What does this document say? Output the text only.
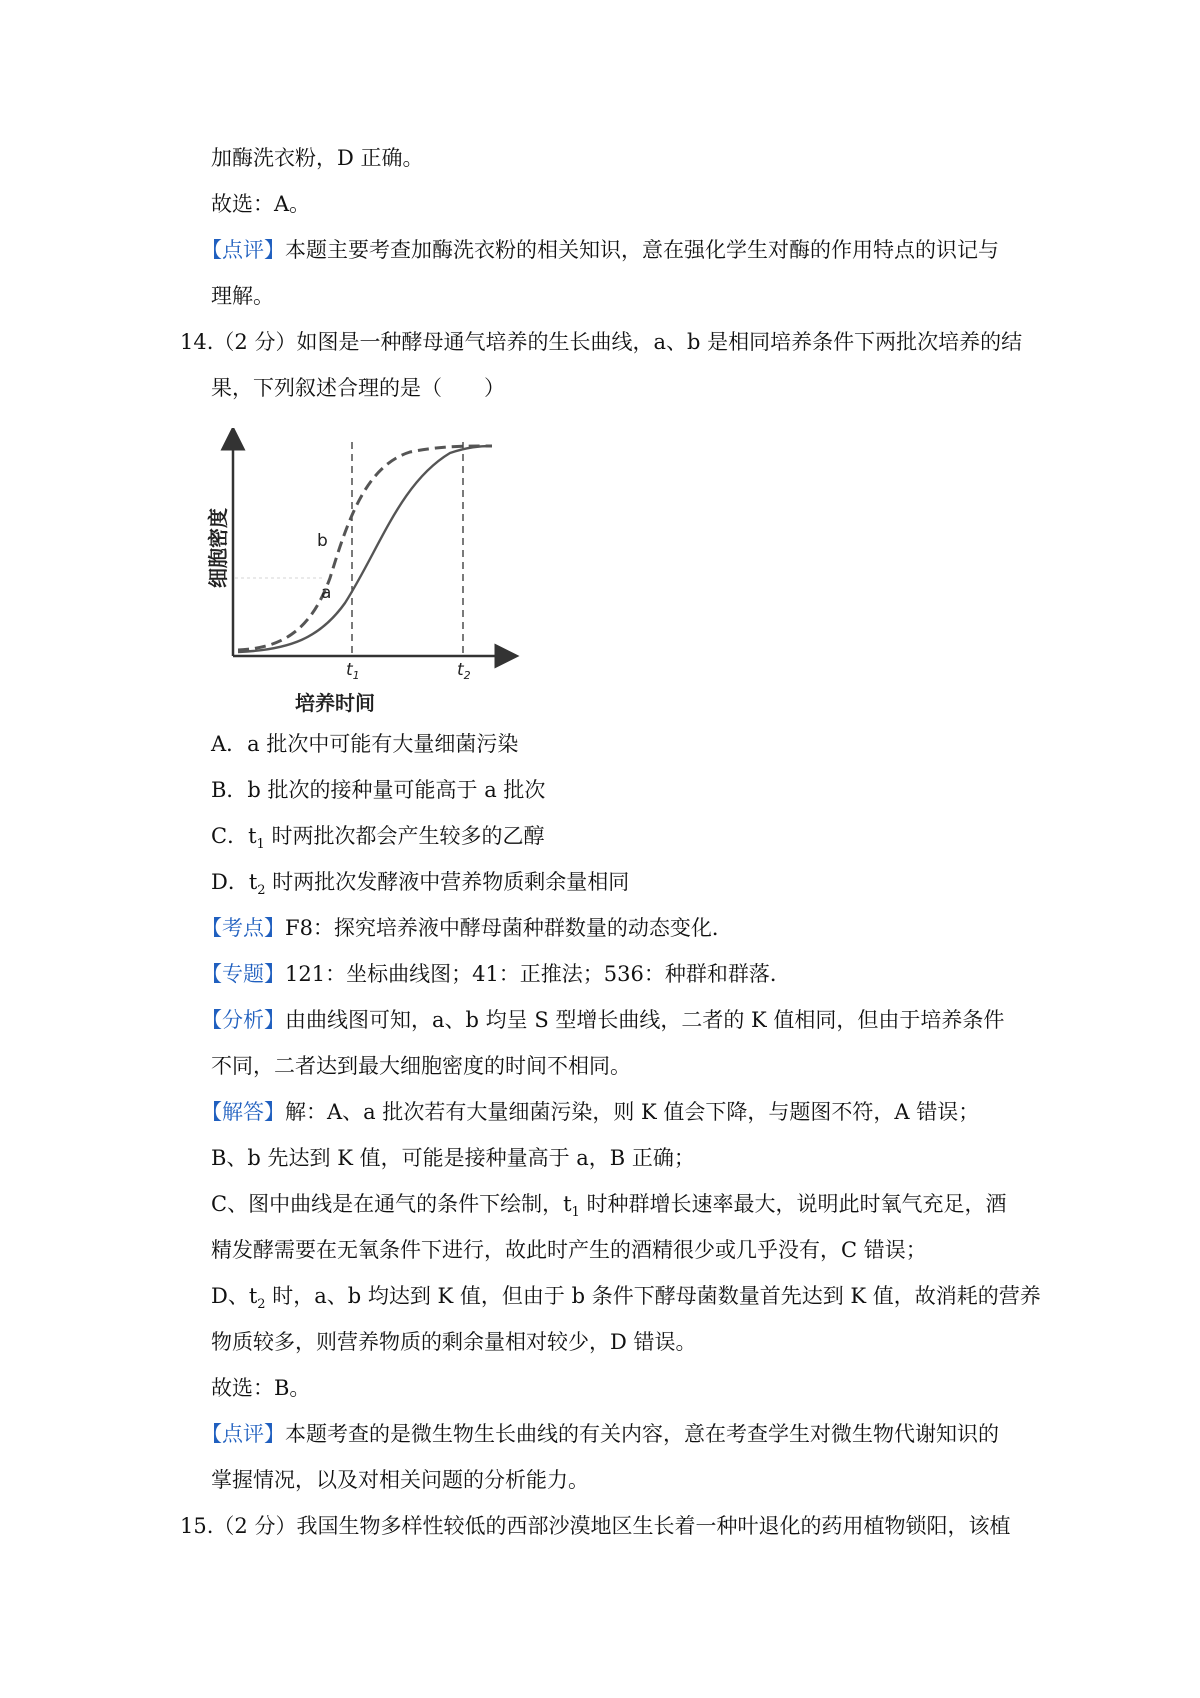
加酶洗衣粉，D 正确。
故选：A。
【点评】本题主要考查加酶洗衣粉的相关知识，意在强化学生对酶的作用特点的识记与
理解。
14.（2 分）如图是一种酵母通气培养的生长曲线，a、b 是相同培养条件下两批次培养的结
果，下列叙述合理的是（　　）
b
a
$t_1$	$t_2$
细胞密度
培养时间
A．a 批次中可能有大量细菌污染
B．b 批次的接种量可能高于 a 批次
C．$t_1$ 时两批次都会产生较多的乙醇
D．$t_2$ 时两批次发酵液中营养物质剩余量相同
【考点】F8：探究培养液中酵母菌种群数量的动态变化．
【专题】121：坐标曲线图；41：正推法；536：种群和群落．
【分析】由曲线图可知，a、b 均呈 S 型增长曲线，二者的 K 值相同，但由于培养条件
不同，二者达到最大细胞密度的时间不相同。
【解答】解：A、a 批次若有大量细菌污染，则 K 值会下降，与题图不符，A 错误；
B、b 先达到 K 值，可能是接种量高于 a，B 正确；
C、图中曲线是在通气的条件下绘制，$t_1$ 时种群增长速率最大，说明此时氧气充足，酒
精发酵需要在无氧条件下进行，故此时产生的酒精很少或几乎没有，C 错误；
D、$t_2$ 时，a、b 均达到 K 值，但由于 b 条件下酵母菌数量首先达到 K 值，故消耗的营养
物质较多，则营养物质的剩余量相对较少，D 错误。
故选：B。
【点评】本题考查的是微生物生长曲线的有关内容，意在考查学生对微生物代谢知识的
掌握情况，以及对相关问题的分析能力。
15.（2 分）我国生物多样性较低的西部沙漠地区生长着一种叶退化的药用植物锁阳，该植
